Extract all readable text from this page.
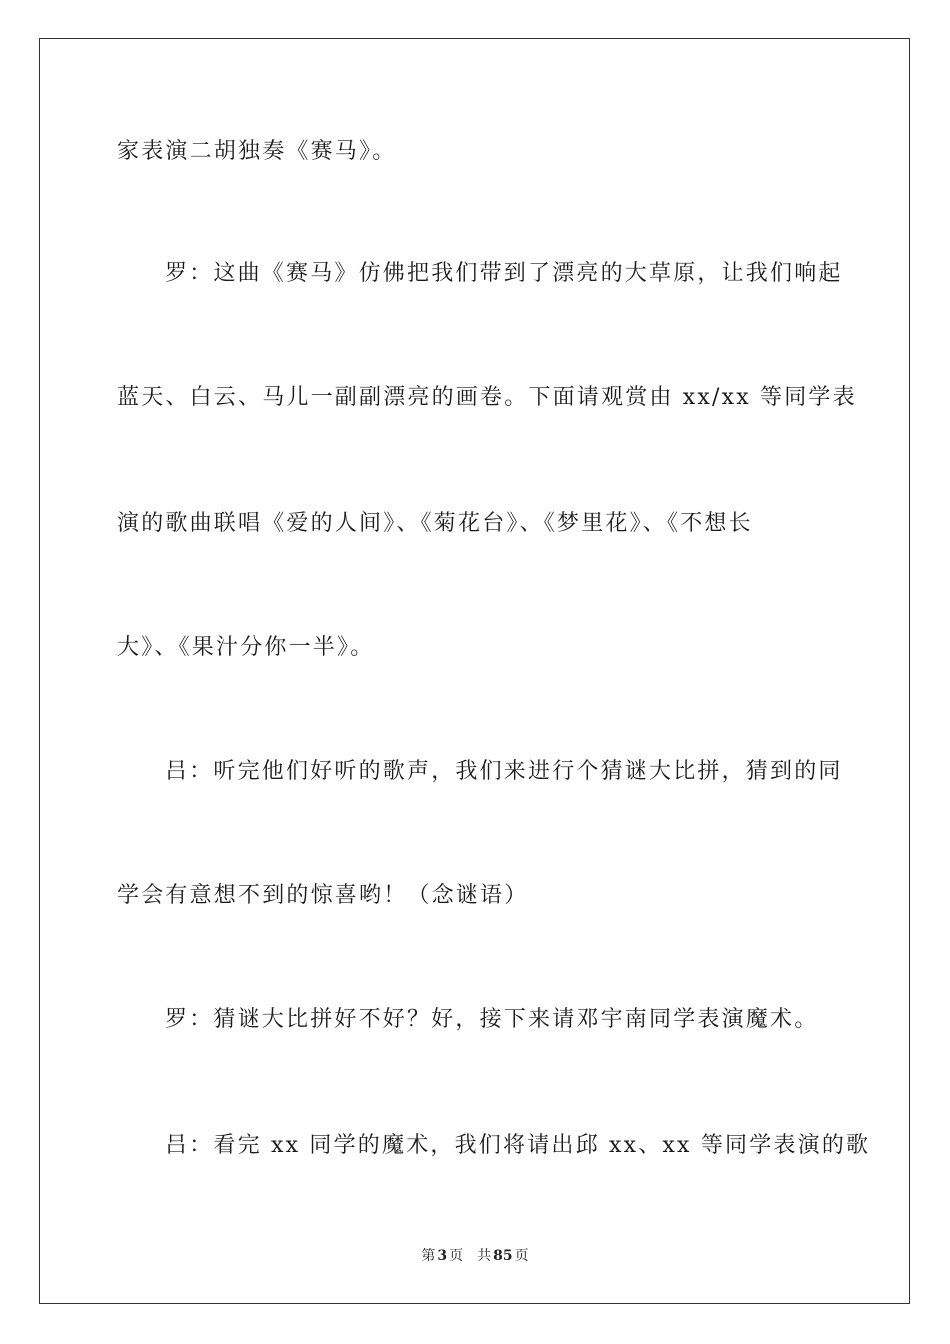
家表演二胡独奏《赛马》。
罗：这曲《赛马》仿佛把我们带到了漂亮的大草原，让我们响起
蓝天、白云、马儿一副副漂亮的画卷。下面请观赏由 xx/xx 等同学表
演的歌曲联唱《爱的人间》、《菊花台》、《梦里花》、《不想长
大》、《果汁分你一半》。
吕：听完他们好听的歌声，我们来进行个猜谜大比拼，猜到的同
学会有意想不到的惊喜哟！（念谜语）
罗：猜谜大比拼好不好？好，接下来请邓宇南同学表演魔术。
吕：看完 xx 同学的魔术，我们将请出邱 xx、xx 等同学表演的歌
第 3 页 共 85 页
